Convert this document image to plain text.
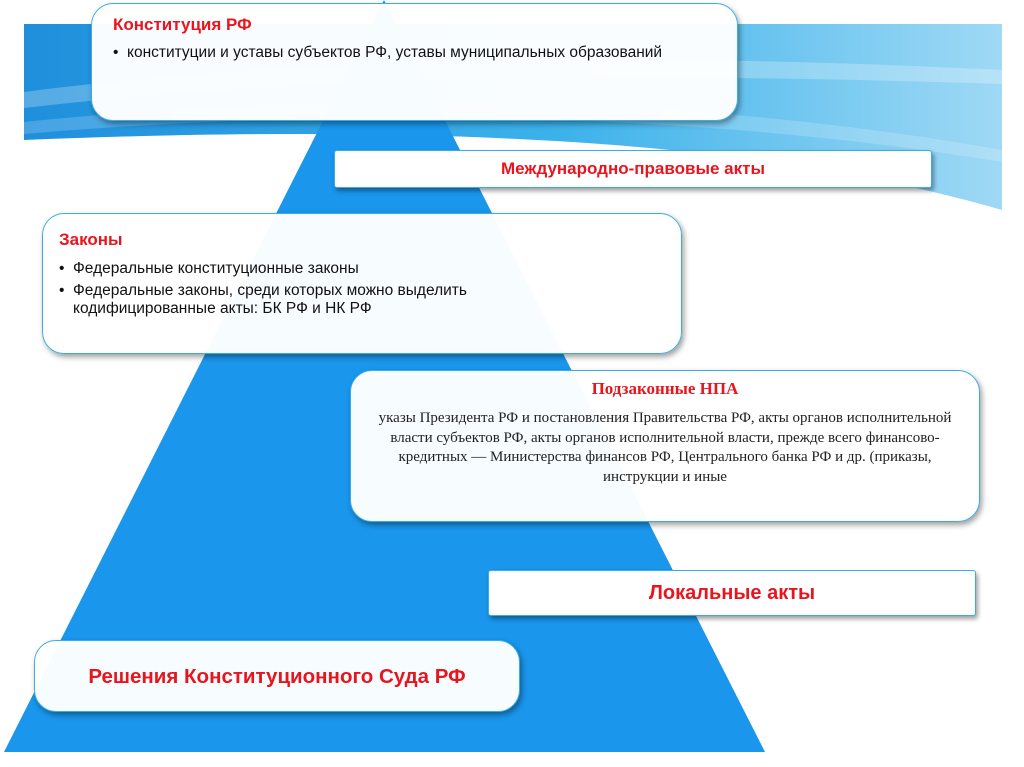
Конституция РФ
• конституции и уставы субъектов РФ, уставы муниципальных образований
Международно-правовые акты
Законы
• Федеральные конституционные законы
• Федеральные законы, среди которых можно выделить кодифицированные акты: БК РФ и НК РФ
Подзаконные НПА
указы Президента РФ и постановления Правительства РФ, акты органов исполнительной власти субъектов РФ, акты органов исполнительной власти, прежде всего финансово-кредитных — Министерства финансов РФ, Центрального банка РФ и др. (приказы, инструкции и иные
Локальные акты
Решения Конституционного Суда РФ
